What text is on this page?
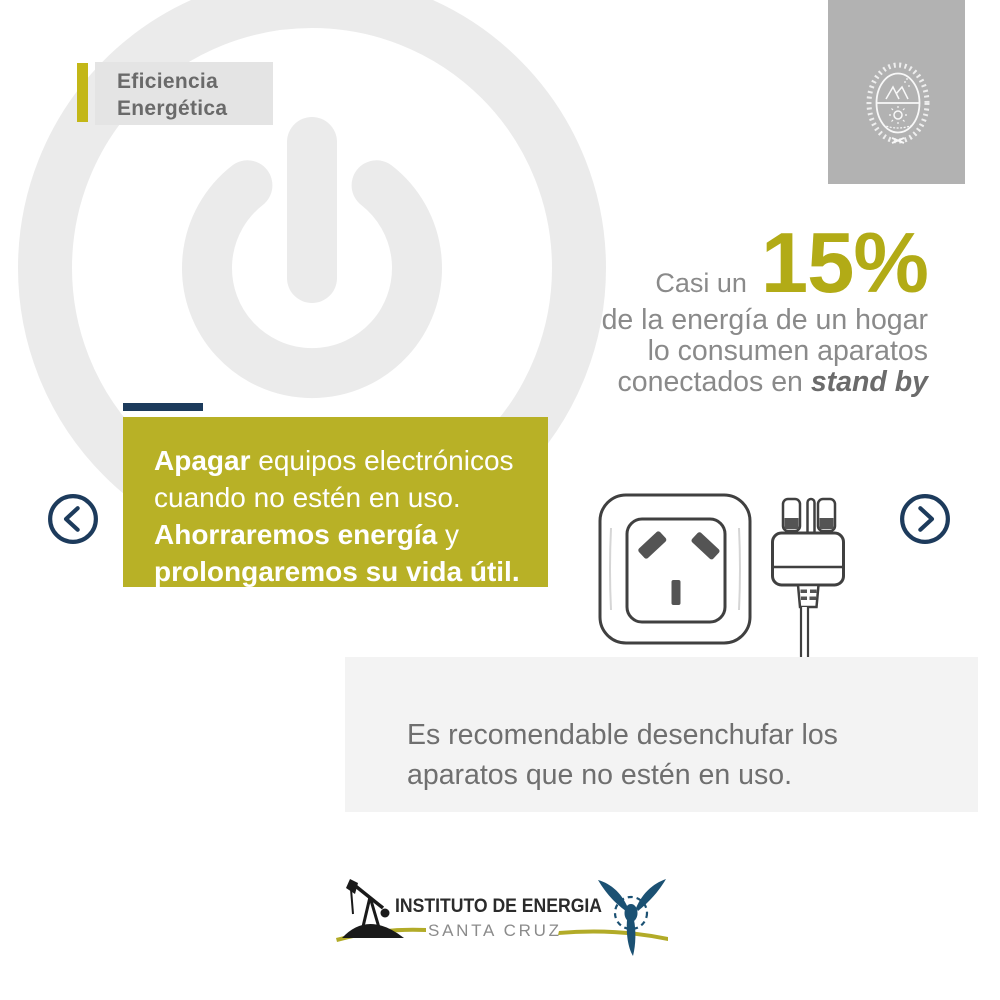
Eficiencia
Energética
Casi un 15%
de la energía de un hogar
lo consumen aparatos
conectados en stand by
Apagar equipos electrónicos
cuando no estén en uso.
Ahorraremos energía y
prolongaremos su vida útil.
Es recomendable desenchufar los
aparatos que no estén en uso.
INSTITUTO DE ENERGIA
SANTA CRUZ
